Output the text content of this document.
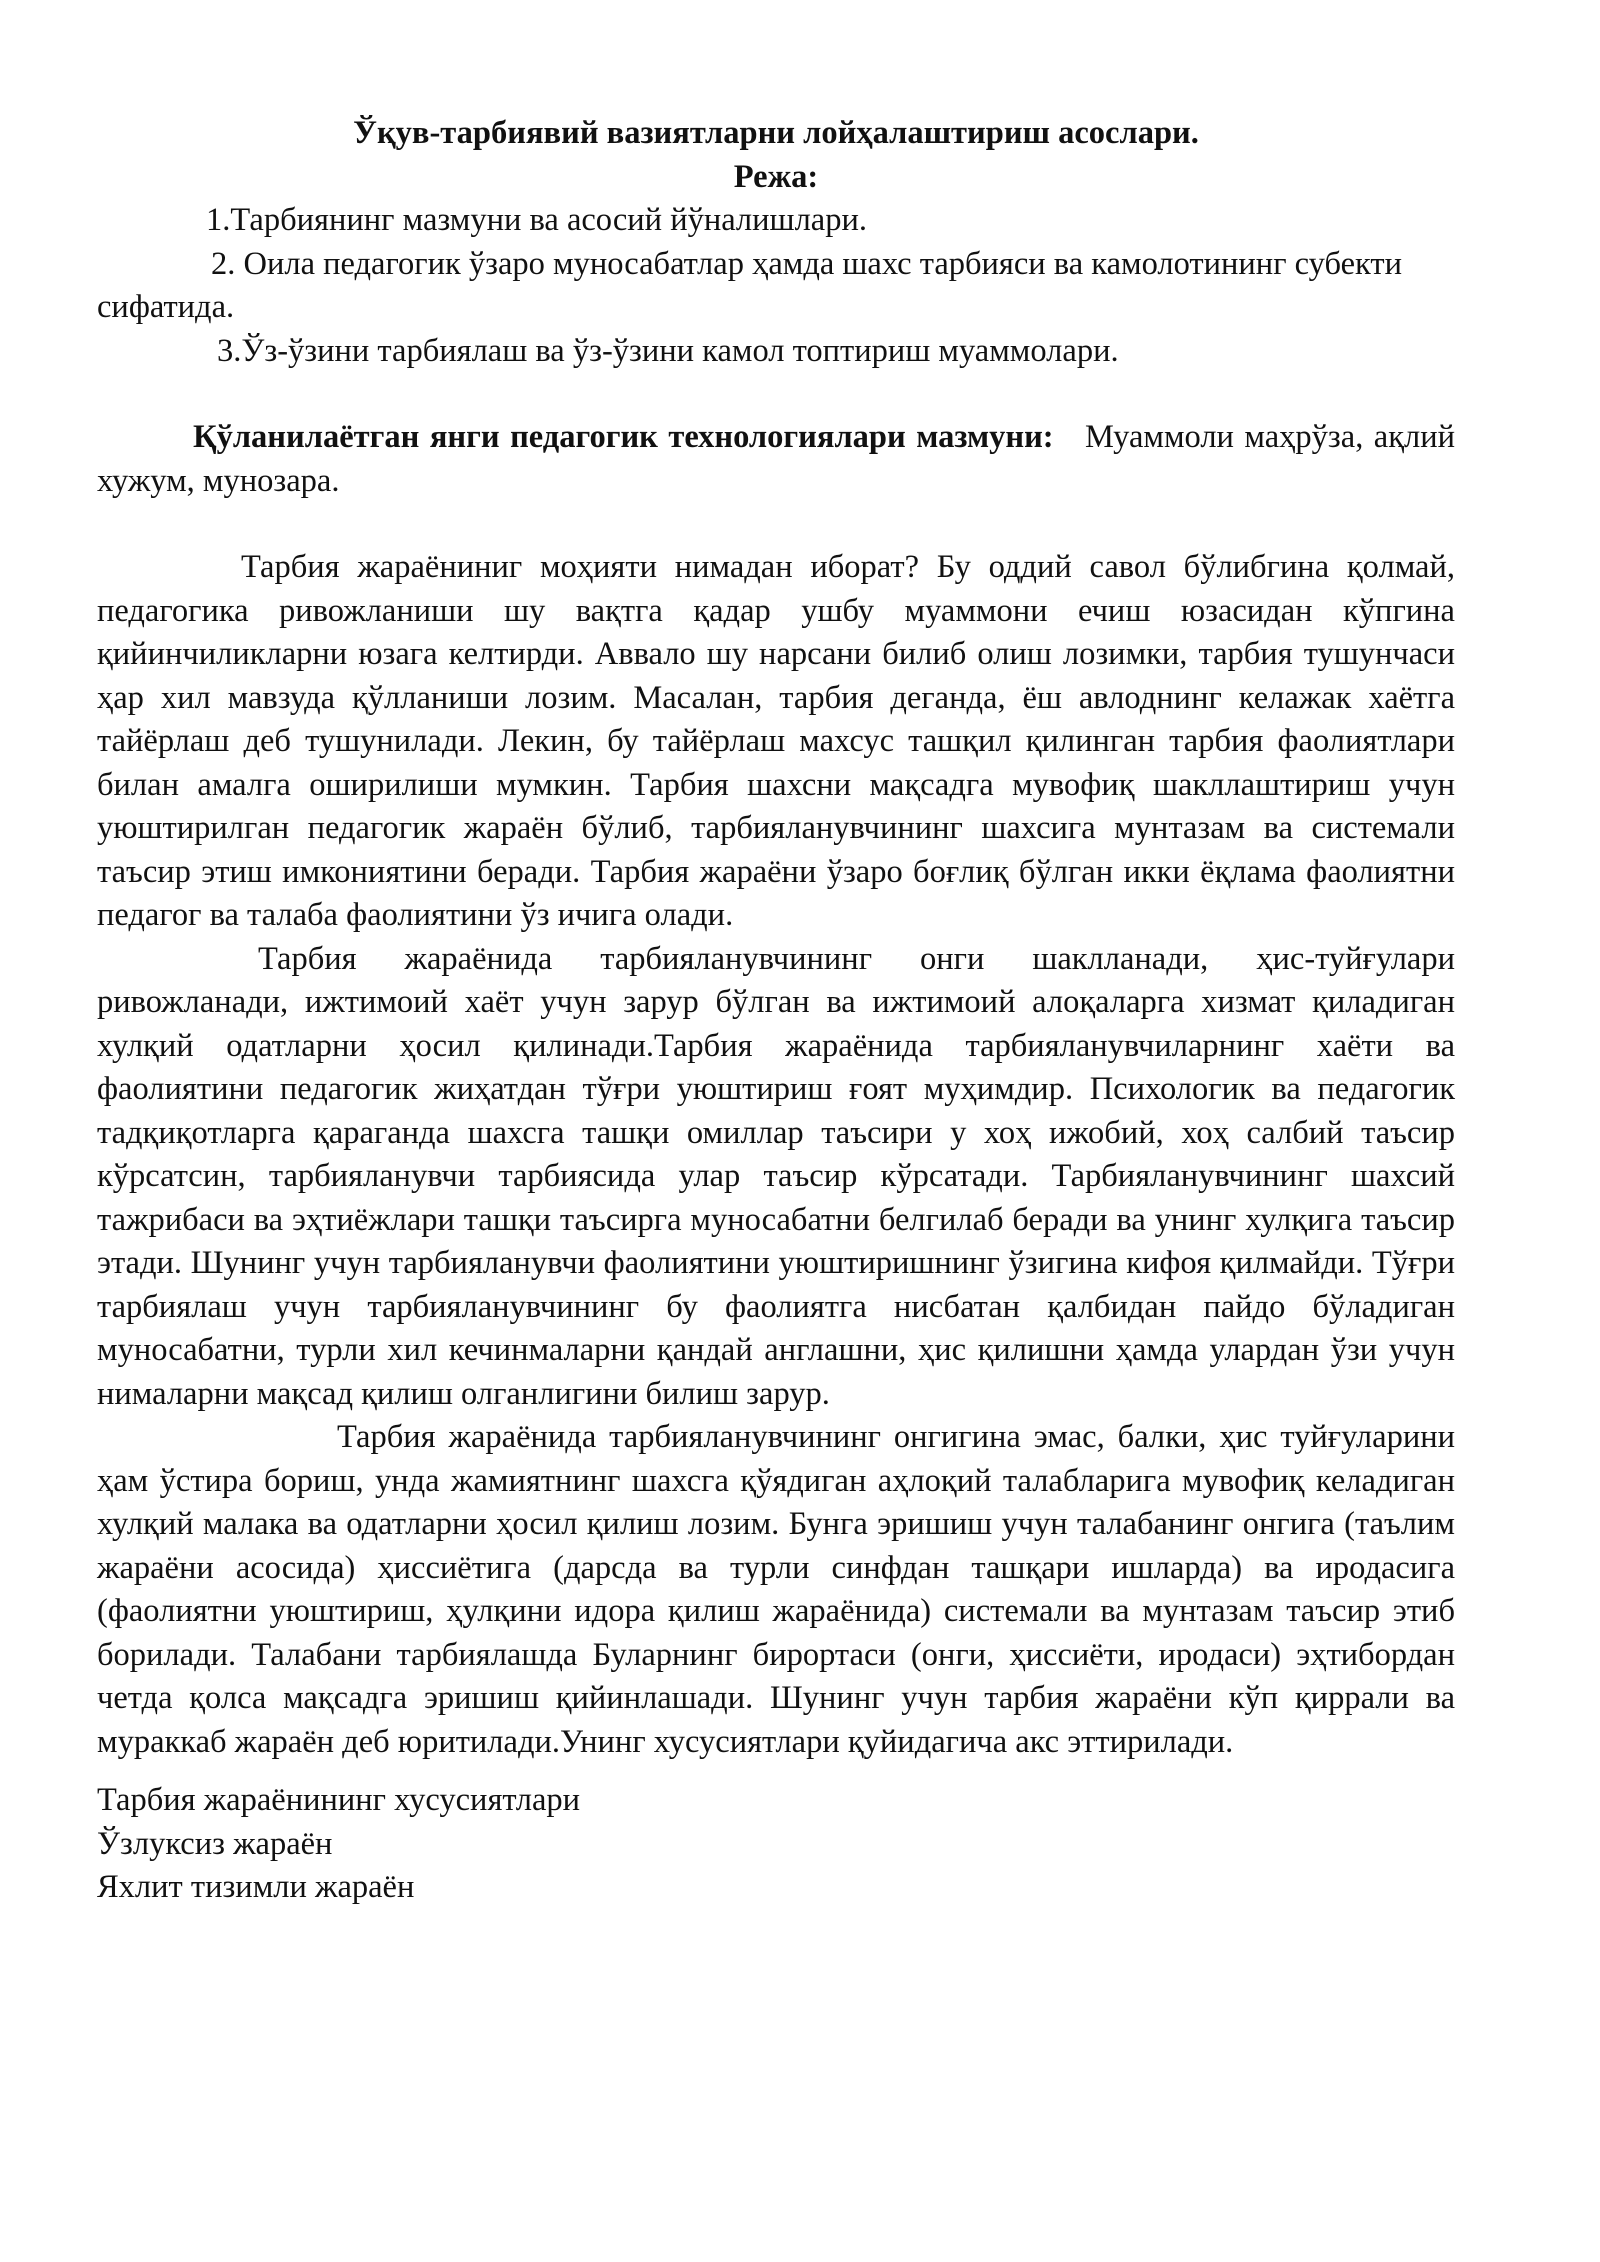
Ўқув-тарбиявий вазиятларни лойҳалаштириш асослари.

Режа:

1.Тарбиянинг мазмуни ва асосий йўналишлари.

2. Оила педагогик ўзаро муносабатлар ҳамда шахс тарбияси ва камолотининг субекти сифатида.

3.Ўз-ўзини тарбиялаш ва ўз-ўзини камол топтириш муаммолари.

Қўланилаётган янги педагогик технологиялари мазмуни: Муаммоли маҳрўза, ақлий хужум, мунозара.

Тарбия жараёниниг моҳияти нимадан иборат? Бу оддий савол бўлибгина қолмай, педагогика ривожланиши шу вақтга қадар ушбу муаммони ечиш юзасидан кўпгина қийинчиликларни юзага келтирди. Аввало шу нарсани билиб олиш лозимки, тарбия тушунчаси ҳар хил мавзуда қўлланиши лозим. Масалан, тарбия деганда, ёш авлоднинг келажак хаётга тайёрлаш деб тушунилади. Лекин, бу тайёрлаш махсус ташқил қилинган тарбия фаолиятлари билан амалга оширилиши мумкин. Тарбия шахсни мақсадга мувофиқ шакллаштириш учун уюштирилган педагогик жараён бўлиб, тарбияланувчининг шахсига мунтазам ва системали таъсир этиш имкониятини беради. Тарбия жараёни ўзаро боғлиқ бўлган икки ёқлама фаолиятни педагог ва талаба фаолиятини ўз ичига олади.

Тарбия жараёнида тарбияланувчининг онги шаклланади, ҳис-туйғулари ривожланади, ижтимоий хаёт учун зарур бўлган ва ижтимоий алоқаларга хизмат қиладиган хулқий одатларни ҳосил қилинади.Тарбия жараёнида тарбияланувчиларнинг хаёти ва фаолиятини педагогик жиҳатдан тўғри уюштириш ғоят муҳимдир. Психологик ва педагогик тадқиқотларга қараганда шахсга ташқи омиллар таъсири у хоҳ ижобий, хоҳ салбий таъсир кўрсатсин, тарбияланувчи тарбиясида улар таъсир кўрсатади. Тарбияланувчининг шахсий тажрибаси ва эҳтиёжлари ташқи таъсирга муносабатни белгилаб беради ва унинг хулқига таъсир этади. Шунинг учун тарбияланувчи фаолиятини уюштиришнинг ўзигина кифоя қилмайди. Тўғри тарбиялаш учун тарбияланувчининг бу фаолиятга нисбатан қалбидан пайдо бўладиган муносабатни, турли хил кечинмаларни қандай англашни, ҳис қилишни ҳамда улардан ўзи учун нималарни мақсад қилиш олганлигини билиш зарур.

Тарбия жараёнида тарбияланувчининг онгигина эмас, балки, ҳис туйғуларини ҳам ўстира бориш, унда жамиятнинг шахсга қўядиган аҳлоқий талабларига мувофиқ келадиган хулқий малака ва одатларни ҳосил қилиш лозим. Бунга эришиш учун талабанинг онгига (таълим жараёни асосида) ҳиссиётига (дарсда ва турли синфдан ташқари ишларда) ва иродасига (фаолиятни уюштириш, ҳулқини идора қилиш жараёнида) системали ва мунтазам таъсир этиб борилади. Талабани тарбиялашда Буларнинг бирортаси (онги, ҳиссиёти, иродаси) эҳтибордан четда қолса мақсадга эришиш қийинлашади. Шунинг учун тарбия жараёни кўп қиррали ва мураккаб жараён деб юритилади.Унинг хусусиятлари қуйидагича акс эттирилади.

Тарбия жараёнининг хусусиятлари

Ўзлуксиз жараён

Яхлит тизимли жараён
